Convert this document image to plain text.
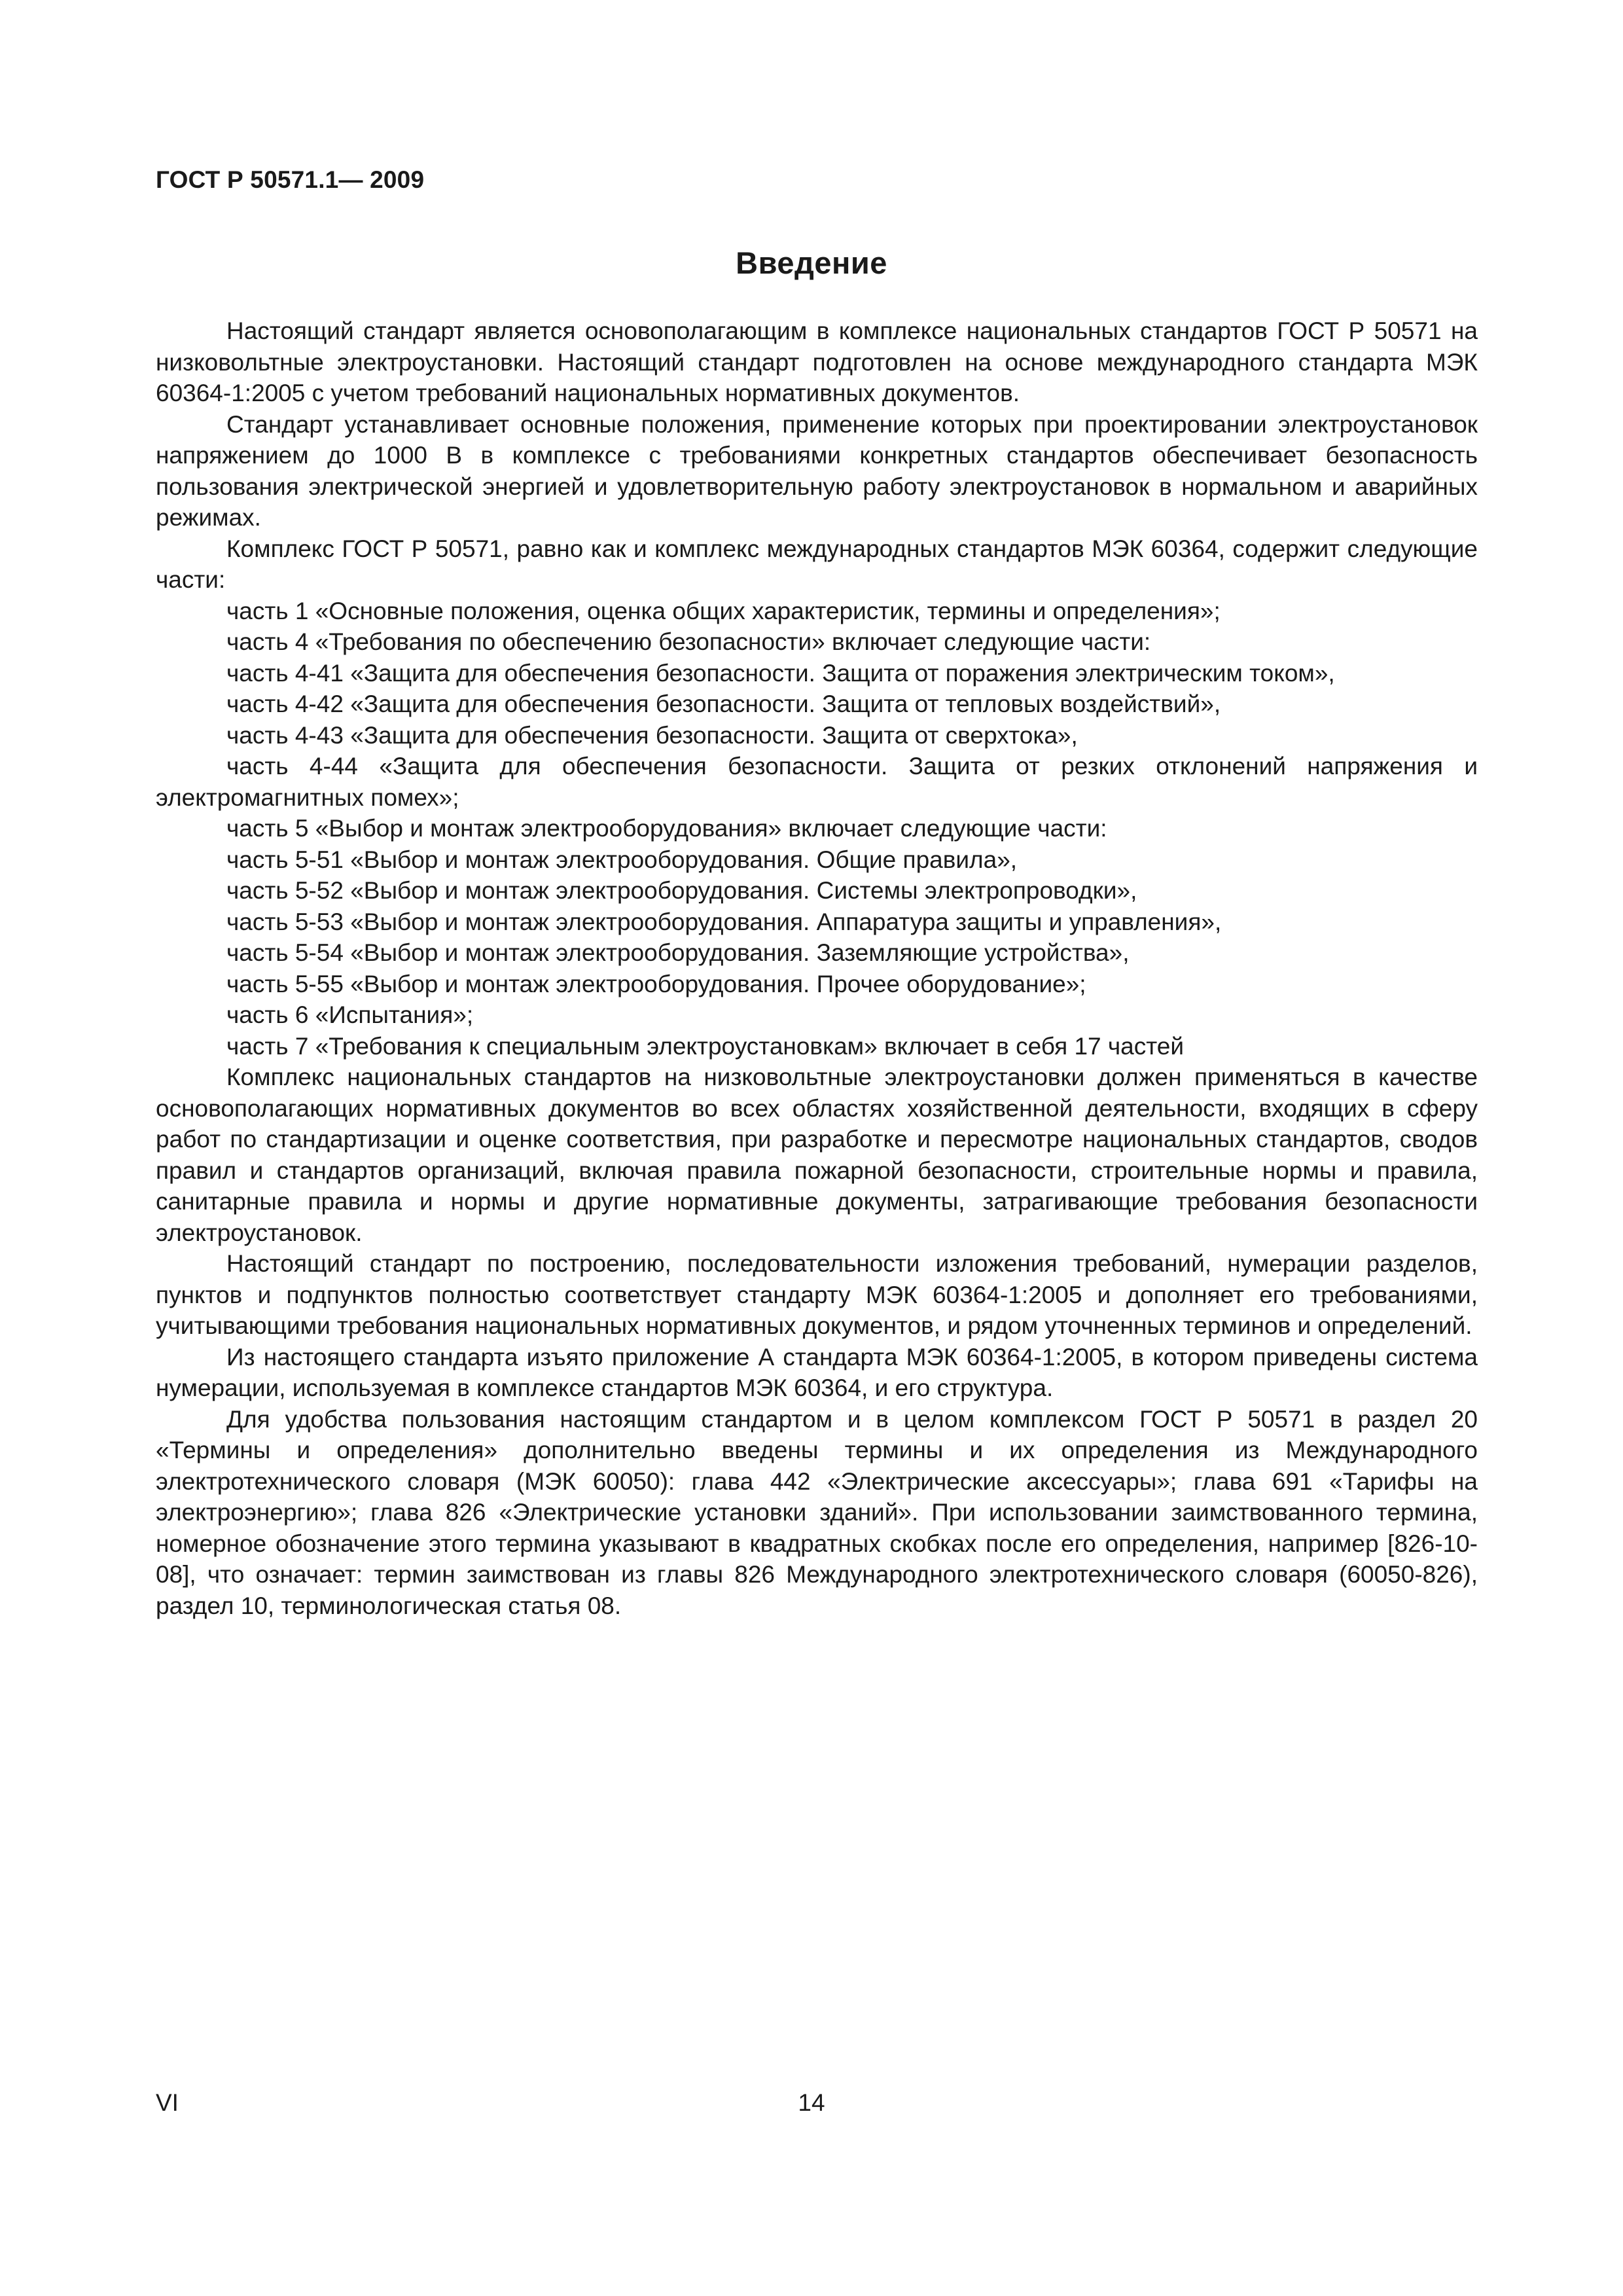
ГОСТ Р 50571.1— 2009
Введение

Настоящий стандарт является основополагающим в комплексе национальных стандартов ГОСТ Р 50571 на низковольтные электроустановки. Настоящий стандарт подготовлен на основе международного стандарта МЭК 60364-1:2005 с учетом требований национальных нормативных документов.

Стандарт устанавливает основные положения, применение которых при проектировании электроустановок напряжением до 1000 В в комплексе с требованиями конкретных стандартов обеспечивает безопасность пользования электрической энергией и удовлетворительную работу электроустановок в нормальном и аварийных режимах.

Комплекс ГОСТ Р 50571, равно как и комплекс международных стандартов МЭК 60364, содержит следующие части:

часть 1 «Основные положения, оценка общих характеристик, термины и определения»;

часть 4 «Требования по обеспечению безопасности» включает следующие части:

часть 4-41 «Защита для обеспечения безопасности. Защита от поражения электрическим током»,

часть 4-42 «Защита для обеспечения безопасности. Защита от тепловых воздействий»,

часть 4-43 «Защита для обеспечения безопасности. Защита от сверхтока»,

часть 4-44 «Защита для обеспечения безопасности. Защита от резких отклонений напряжения и электромагнитных помех»;

часть 5 «Выбор и монтаж электрооборудования» включает следующие части:

часть 5-51 «Выбор и монтаж электрооборудования. Общие правила»,

часть 5-52 «Выбор и монтаж электрооборудования. Системы электропроводки»,

часть 5-53 «Выбор и монтаж электрооборудования. Аппаратура защиты и управления»,

часть 5-54 «Выбор и монтаж электрооборудования. Заземляющие устройства»,

часть 5-55 «Выбор и монтаж электрооборудования. Прочее оборудование»;

часть 6 «Испытания»;

часть 7 «Требования к специальным электроустановкам» включает в себя 17 частей

Комплекс национальных стандартов на низковольтные электроустановки должен применяться в качестве основополагающих нормативных документов во всех областях хозяйственной деятельности, входящих в сферу работ по стандартизации и оценке соответствия, при разработке и пересмотре национальных стандартов, сводов правил и стандартов организаций, включая правила пожарной безопасности, строительные нормы и правила, санитарные правила и нормы и другие нормативные документы, затрагивающие требования безопасности электроустановок.

Настоящий стандарт по построению, последовательности изложения требований, нумерации разделов, пунктов и подпунктов полностью соответствует стандарту МЭК 60364-1:2005 и дополняет его требованиями, учитывающими требования национальных нормативных документов, и рядом уточненных терминов и определений.

Из настоящего стандарта изъято приложение А стандарта МЭК 60364-1:2005, в котором приведены система нумерации, используемая в комплексе стандартов МЭК 60364, и его структура.

Для удобства пользования настоящим стандартом и в целом комплексом ГОСТ Р 50571 в раздел 20 «Термины и определения» дополнительно введены термины и их определения из Международного электротехнического словаря (МЭК 60050): глава 442 «Электрические аксессуары»; глава 691 «Тарифы на электроэнергию»; глава 826 «Электрические установки зданий». При использовании заимствованного термина, номерное обозначение этого термина указывают в квадратных скобках после его определения, например [826-10-08], что означает: термин заимствован из главы 826 Международного электротехнического словаря (60050-826), раздел 10, терминологическая статья 08.

VI	14
